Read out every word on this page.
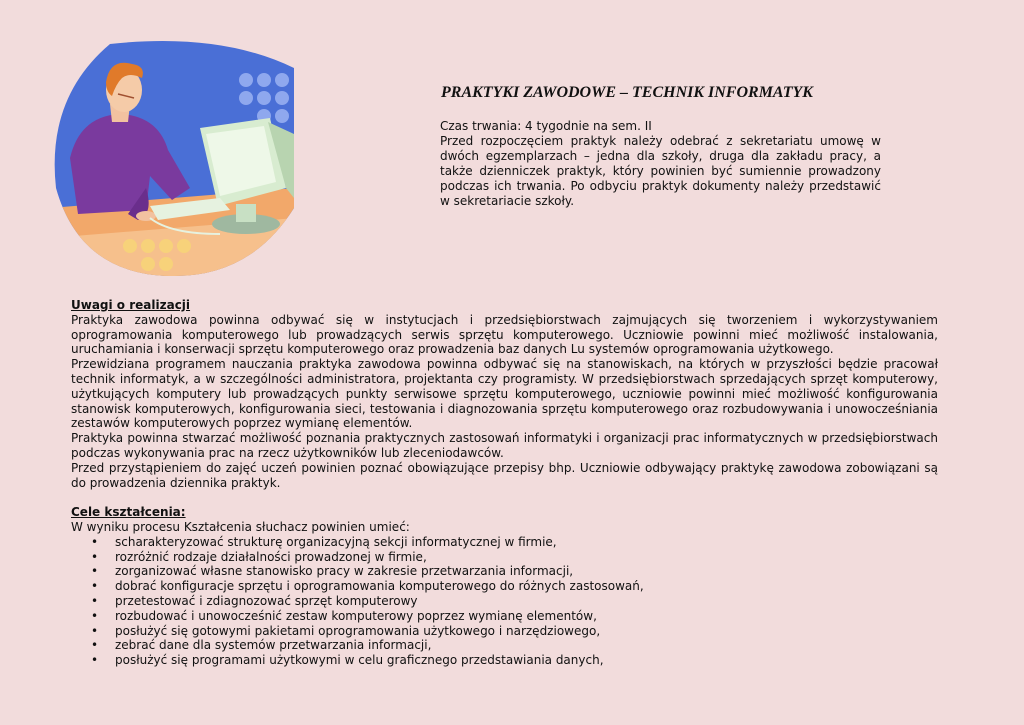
PRAKTYKI ZAWODOWE – TECHNIK INFORMATYK

Czas trwania: 4 tygodnie na sem. II

Przed rozpoczęciem praktyk należy odebrać z sekretariatu umowę w dwóch egzemplarzach – jedna dla szkoły, druga dla zakładu pracy, a także dzienniczek praktyk, który powinien być sumiennie prowadzony podczas ich trwania. Po odbyciu praktyk dokumenty należy przedstawić w sekretariacie szkoły.

Uwagi o realizacji

Praktyka zawodowa powinna odbywać się w instytucjach i przedsiębiorstwach zajmujących się tworzeniem i wykorzystywaniem oprogramowania komputerowego lub prowadzących serwis sprzętu komputerowego. Uczniowie powinni mieć możliwość instalowania, uruchamiania i konserwacji sprzętu komputerowego oraz prowadzenia baz danych Lu systemów oprogramowania użytkowego.

Przewidziana programem nauczania praktyka zawodowa powinna odbywać się na stanowiskach, na których w przyszłości będzie pracował technik informatyk, a w szczególności administratora, projektanta czy programisty. W przedsiębiorstwach sprzedających sprzęt komputerowy, użytkujących komputery lub prowadzących punkty serwisowe sprzętu komputerowego, uczniowie powinni mieć możliwość konfigurowania stanowisk komputerowych, konfigurowania sieci, testowania i diagnozowania sprzętu komputerowego oraz rozbudowywania i unowocześniania zestawów komputerowych poprzez wymianę elementów.

Praktyka powinna stwarzać możliwość poznania praktycznych zastosowań informatyki i organizacji prac informatycznych w przedsiębiorstwach podczas wykonywania prac na rzecz użytkowników lub zleceniodawców.

Przed przystąpieniem do zajęć uczeń powinien poznać obowiązujące przepisy bhp. Uczniowie odbywający praktykę zawodowa zobowiązani są do prowadzenia dziennika praktyk.

Cele kształcenia:

W wyniku procesu Kształcenia słuchacz powinien umieć:

• scharakteryzować strukturę organizacyjną sekcji informatycznej w firmie,
• rozróżnić rodzaje działalności prowadzonej w firmie,
• zorganizować własne stanowisko pracy w zakresie przetwarzania informacji,
• dobrać konfiguracje sprzętu i oprogramowania komputerowego do różnych zastosowań,
• przetestować i zdiagnozować sprzęt komputerowy
• rozbudować i unowocześnić zestaw komputerowy poprzez wymianę elementów,
• posłużyć się gotowymi pakietami oprogramowania użytkowego i narzędziowego,
• zebrać dane dla systemów przetwarzania informacji,
• posłużyć się programami użytkowymi w celu graficznego przedstawiania danych,
